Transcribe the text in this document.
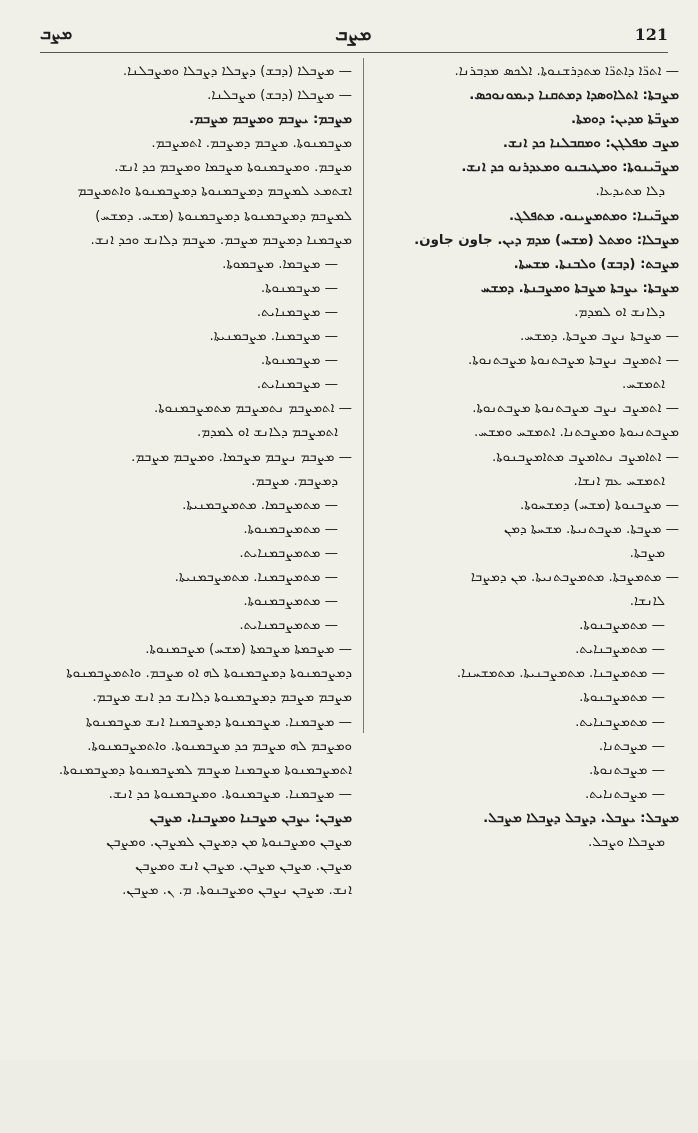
ܡܨܒ	ܡܨܒ	121
— ܐܬܪ̈ܐ ܕܐܬܪ̈ܐ ܡܬܕܪܫܢܘܬܐ. ܐܠܟܣ ܡܕܒܪܢܐ.
ܡܨܒܬܐ: ܐܬܠܐܘܣܕܐ ܕܡܬܩܢܐ ܕܝܡܘܢܘܟܣ.
ܡܨܒ̈ܬܐ ܡܕܝܢ: ܕܘܡܬܐ.
ܡܨܒ ܡܦܠܓܢ: ܘܡܩܒܠܢܐ ܟܕ ܐܢܫ.
ܡܨܒ̈ܝܢܘܬܐ: ܘܡܛܝܒܢܘ ܘܡܥܕܪܢܘ ܟܕ ܐܢܫ.
ܕܠܐ ܡܬܝܕܥܐ.
ܡܨܒ̈ܝܢܐ: ܘܡܬܡܨܝܢܘ. ܡܬܦܠܓ.
ܡܨܒܠܐ: ܘܡܬܠ (ܡܫܚ) ܡܕܡ ܕܝܢ. جاون جاون.
ܡܨܒܬ: (ܕܒܫ) ܘܠܒܢܬܐ. ܡܫܚܬܐ.
ܡܨܒܬܐ: ܝܨܒܬܐ ܡܨܒܬܐ ܘܡܨܒܢܬܐ. ܕܡܫܚ
ܕܠܐܢܫ ܐܘ ܠܡܕܡ.
— ܡܨܒܬܐ ܢܨܒ ܡܨܒܬܐ. ܕܡܫܚ.
— ܐܬܡܨܒ ܢܨܒܬܐ ܡܨܒܬܢܘܬܐ ܡܨܒܬܢܘܬܐ.
ܐܬܡܫܚ.
— ܐܬܡܨܒ ܢܨܒ ܡܨܒܬܢܘܬܐ ܡܨܒܬܢܘܬܐ.
ܡܨܒܬܢܝܘܬܐ ܘܡܨܒܬܢܐ. ܐܬܡܫܚ ܘܡܫܚ.
— ܐܬܐܡܨܒ ܢܬܐܡܨܒ ܡܬܐܡܨܒܢܘܬܐ.
ܐܬܡܫܚ ܥܡ ܐܢܫܐ.
— ܡܨܒܢܘܬܐ (ܡܫܚ) ܕܡܫܚܘܬܐ.
— ܡܨܒܬܐ. ܡܨܒܬܢܝܬܐ. ܡܫܚܬܐ ܕܡܢ
ܡܨܒܬܐ.
— ܡܬܡܨܒܬܐ. ܡܬܡܨܒܬܢܝܬܐ. ܡܢ ܕܡܨܒܐ
ܠܐܢܫܐ.
— ܡܬܡܨܒܢܘܬܐ.
— ܡܬܡܨܒܢܐܝܬ.
— ܡܬܡܨܒܢܐ. ܡܬܡܨܒܢܝܬܐ. ܡܬܡܫܚܢܐ.
— ܡܬܡܨܒܢܘܬܐ.
— ܡܬܡܨܒܢܐܝܬ.
— ܡܨܒܬܢܐ.
— ܡܨܒܬܢܘܬܐ.
— ܡܨܒܬܢܐܝܬ.
ܡܨܒܠ: ܝܨܒܠ. ܕܨܒܠ ܕܨܒܠܐ ܡܨܒܠ.
ܡܨܒܠܐ ܘܨܒܠ.
— ܡܨܒܠܐ (ܕܒܫ) ܕܨܒܠܐ ܕܨܒܠܐ ܘܡܨܒܠܢܐ.
— ܡܨܒܠܐ (ܕܒܫ) ܡܨܒܠܢܐ.
ܡܨܒܡ: ܝܨܒܡ ܘܡܨܒܡ ܡܨܒܡ.
ܡܨܒܡܢܘܬܐ. ܡܨܒܡ ܕܡܨܒܡ. ܐܬܡܨܒܡ.
ܡܨܒܡ. ܘܡܨܒܡܢܘܬܐ ܡܨܒܡܐ ܘܡܨܒܡ ܟܕ ܐܢܫ.
ܐܫܬܡܥ ܠܡܨܒܡ ܕܡܨܒܡܢܘܬܐ ܕܡܨܒܡܢܘܬܐ ܘܐܬܡܨܒܡ
ܠܡܨܒܡ ܕܡܨܒܡܢܘܬܐ ܕܡܨܒܡܢܘܬܐ (ܡܫܚ. ܕܡܫܚ)
ܡܨܒܡܢܐ ܕܡܨܒܡ ܡܨܒܡ. ܡܨܒܡ ܕܠܐܢܫ ܘܟܕ ܐܢܫ.
— ܡܨܒܡܐ. ܡܨܒܡܘܬܐ.
— ܡܨܒܡܢܘܬܐ.
— ܡܨܒܡܢܐܝܬ.
— ܡܨܒܡܢܐ. ܡܨܒܡܢܝܬܐ.
— ܡܨܒܡܢܘܬܐ.
— ܡܨܒܡܢܐܝܬ.
— ܐܬܡܨܒܡ ܢܬܡܨܒܡ ܡܬܡܨܒܡܢܘܬܐ.
ܐܬܡܨܒܡ ܕܠܐܢܫ ܐܘ ܠܡܕܡ.
— ܡܨܒܡ ܢܨܒܡ ܡܨܒܡܐ. ܘܡܨܒܡ ܡܨܒܡ.
ܕܡܨܒܡ. ܡܨܒܡ.
— ܡܬܡܨܒܡܐ. ܡܬܡܨܒܡܢܝܬܐ.
— ܡܬܡܨܒܡܢܘܬܐ.
— ܡܬܡܨܒܡܢܐܝܬ.
— ܡܬܡܨܒܡܢܐ. ܡܬܡܨܒܡܢܝܬܐ.
— ܡܬܡܨܒܡܢܘܬܐ.
— ܡܬܡܨܒܡܢܐܝܬ.
— ܡܨܒܡܬܐ ܡܨܒܡܬܐ (ܡܫܚ) ܡܨܒܡܢܘܬܐ.
ܕܡܨܒܡܢܘܬܐ ܕܡܨܒܡܢܘܬܐ ܠܗ ܐܘ ܡܨܒܡ. ܘܐܬܡܨܒܡܢܘܬܐ
ܡܨܒܡ ܡܨܒܡ ܕܡܨܒܡܢܘܬܐ ܕܠܐܢܫ ܟܕ ܐܢܫ ܡܨܒܡ.
— ܡܨܒܡܢܐ. ܡܨܒܡܢܘܬܐ ܕܡܨܒܡܢܐ ܐܢܫ ܡܨܒܡܢܘܬܐ
ܘܡܨܒܡ ܠܗ ܡܨܒܡ ܟܕ ܡܨܒܡܢܘܬܐ. ܘܐܬܡܨܒܡܢܘܬܐ.
ܐܬܡܨܒܡܢܘܬܐ ܡܨܒܡܢܐ ܡܨܒܡ ܠܡܨܒܡܢܘܬܐ ܕܡܨܒܡܢܘܬܐ.
— ܡܨܒܡܢܐ. ܡܨܒܡܢܘܬܐ. ܘܡܨܒܡܢܘܬܐ ܟܕ ܐܢܫ.
ܡܨܒܢ: ܝܨܒܢ ܡܨܒܢܐ ܘܡܨܒܢܐ. ܡܨܒܢ
ܡܨܒܢ ܘܡܨܒܢܘܬܐ ܡܢ ܕܡܨܒܢ ܠܡܨܒܢ. ܘܡܨܒܢ
ܡܨܒܢ. ܡܨܒܢ ܡܨܒܢ. ܡܨܒܢ ܐܢܫ ܘܡܨܒܢ
ܐܢܫ. ܡܨܒܢ ܢܨܒܢ ܘܡܨܒܢܘܬܐ. ܡ. ܢ. ܡܨܒܢ.
